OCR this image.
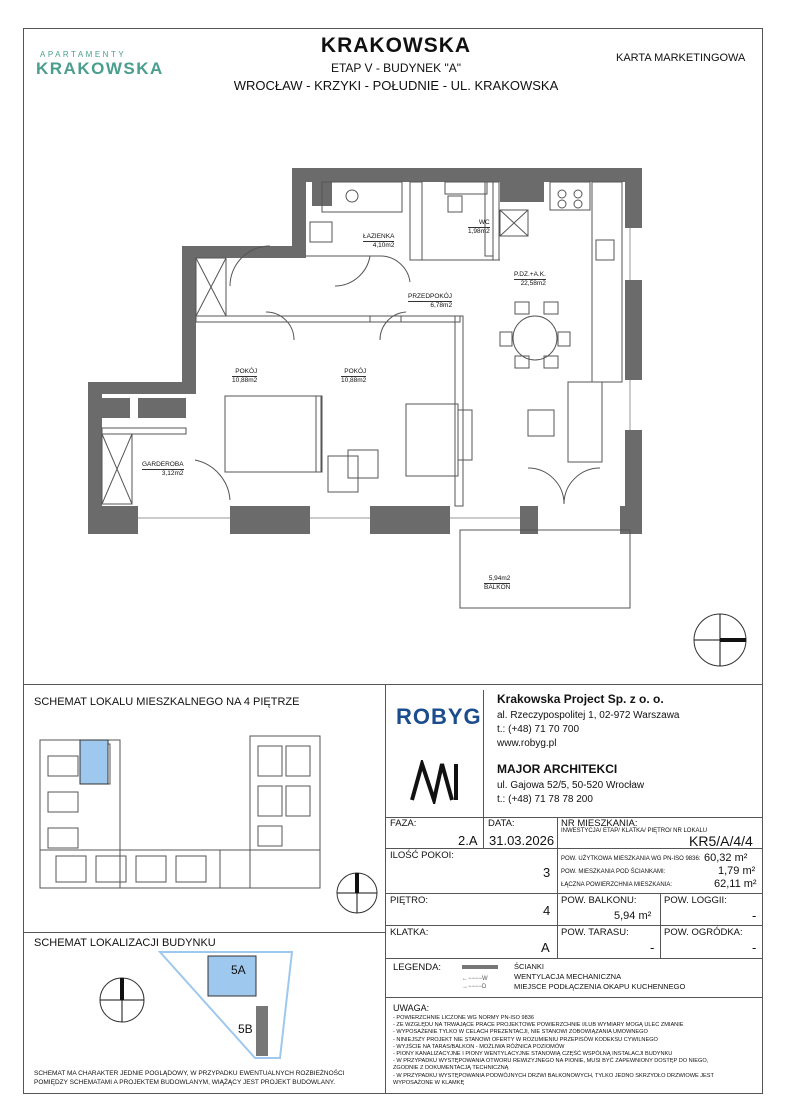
APARTAMENTY
KRAKOWSKA
KRAKOWSKA
ETAP V - BUDYNEK "A"
WROCŁAW - KRZYKI - POŁUDNIE - UL. KRAKOWSKA
KARTA MARKETINGOWA
ŁAZIENKA
4,10m2
WC
1,98m2
P.DZ.+A.K.
22,58m2
PRZEDPOKÓJ
6,78m2
POKÓJ
10,88m2
POKÓJ
10,88m2
GARDEROBA
3,12m2
5,94m2
BALKON
SCHEMAT LOKALU MIESZKALNEGO NA 4 PIĘTRZE
SCHEMAT LOKALIZACJI BUDYNKU
5A
5B
SCHEMAT MA CHARAKTER JEDNIE POGLĄDOWY, W PRZYPADKU EWENTUALNYCH ROZBIEŻNOŚCI POMIĘDZY SCHEMATAMI A PROJEKTEM BUDOWLANYM, WIĄŻĄCY JEST PROJEKT BUDOWLANY.
ROBYG
Krakowska Project Sp. z o. o.
al. Rzeczypospolitej 1, 02-972 Warszawa
t.: (+48) 71 70 700
www.robyg.pl
MAJOR ARCHITEKCI
ul. Gajowa 52/5, 50-520 Wrocław
t.: (+48) 71 78 78 200
FAZA:
2.A
DATA:
31.03.2026
NR MIESZKANIA:
INWESTYCJA/ ETAP/ KLATKA/ PIĘTRO/ NR LOKALU
KR5/A/4/4
ILOŚĆ POKOI:
3
POW. UŻYTKOWA MIESZKANIA WG PN-ISO 9836: 60,32 m²
POW. MIESZKANIA POD ŚCIANKAMI:	1,79 m²
ŁĄCZNA POWIERZCHNIA MIESZKANIA:	62,11 m²
PIĘTRO:
4
POW. BALKONU:
5,94 m²
POW. LOGGII:
-
KLATKA:
A
POW. TARASU:
-
POW. OGRÓDKA:
-
LEGENDA:	ŚCIANKI
←−−−−W
→−−−−D
WENTYLACJA MECHANICZNA
MIEJSCE PODŁĄCZENIA OKAPU KUCHENNEGO
UWAGA:
- POWIERZCHNIE LICZONE WG NORMY PN-ISO 9836
- ZE WZGLĘDU NA TRWAJĄCE PRACE PROJEKTOWE POWIERZCHNIE I/LUB WYMIARY MOGĄ ULEC ZMIANIE
- WYPOSAŻENIE TYLKO W CELACH PREZENTACJI, NIE STANOWI ZOBOWIĄZANIA UMOWNEGO
- NINIEJSZY PROJEKT NIE STANOWI OFERTY W ROZUMIENIU PRZEPISÓW KODEKSU CYWILNEGO
- WYJŚCIE NA TARAS/BALKON - MOŻLIWA RÓŻNICA POZIOMÓW
- PIONY KANALIZACYJNE I PIONY WENTYLACYJNE STANOWIĄ CZĘŚĆ WSPÓLNĄ INSTALACJI BUDYNKU
- W PRZYPADKU WYSTĘPOWANIA OTWORU REWIZYJNEGO NA PIONIE, MUSI BYĆ ZAPEWNIONY DOSTĘP DO NIEGO, ZGODNIE Z DOKUMENTACJĄ TECHNICZNĄ
- W PRZYPADKU WYSTĘPOWANIA PODWÓJNYCH DRZWI BALKONOWYCH, TYLKO JEDNO SKRZYDŁO DRZWIOWE JEST WYPOSAŻONE W KLAMKĘ
